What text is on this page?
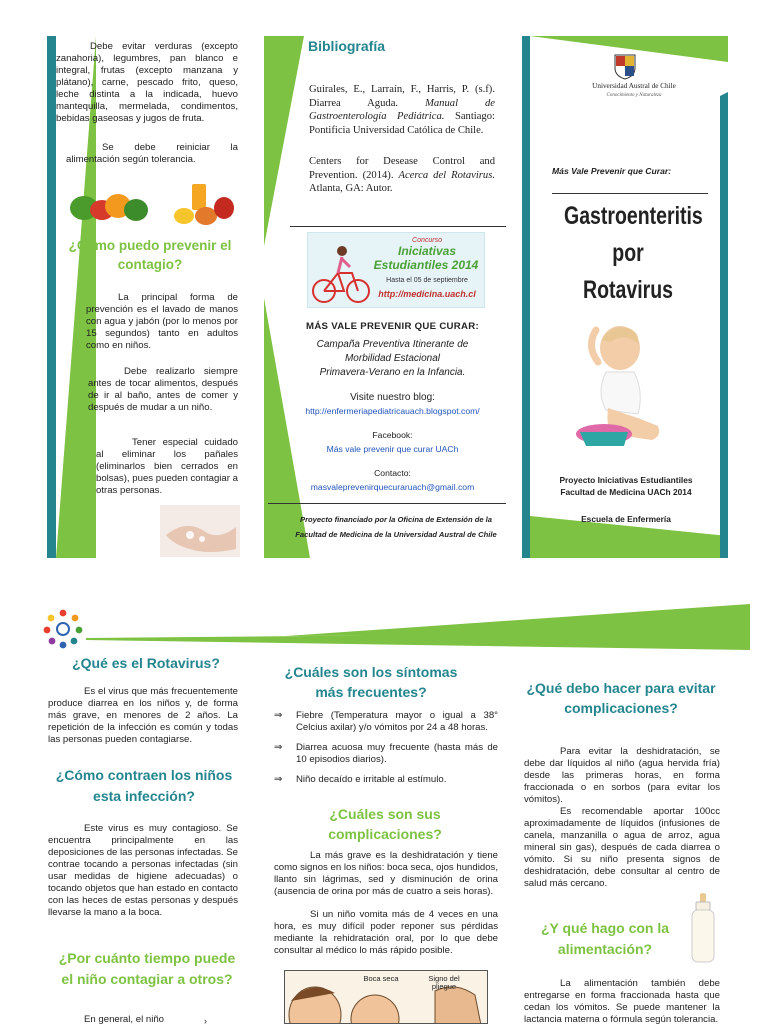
Debe evitar verduras (excepto zanahoria), legumbres, pan blanco e integral, frutas (excepto manzana y plátano), carne, pescado frito, queso, leche distinta a la indicada, huevo mantequilla, mermelada, condimentos, bebidas gaseosas y jugos de fruta.
Se debe reiniciar la alimentación según tolerancia.
¿Cómo puedo prevenir el contagio?
La principal forma de prevención es el lavado de manos con agua y jabón (por lo menos por 15 segundos) tanto en adultos como en niños.
Debe realizarlo siempre antes de tocar alimentos, después de ir al baño, antes de comer y después de mudar a un niño.
Tener especial cuidado al eliminar los pañales (eliminarlos bien cerrados en bolsas), pues pueden contagiar a otras personas.
Bibliografía
Guirales, E., Larraín, F., Harris, P. (s.f). Diarrea Aguda.	Manual de Gastroenterología Pediátrica. Santiago: Pontificia Universidad Católica de Chile.
Centers for Desease Control and Prevention. (2014). Acerca del Rotavirus. Atlanta, GA: Autor.
Concurso
Iniciativas
Estudiantiles 2014
Hasta el 05 de septiembre
http://medicina.uach.cl
MÁS VALE PREVENIR QUE CURAR:
Campaña Preventiva Itinerante de
Morbilidad Estacional
Primavera-Verano en la Infancia.
Visite nuestro blog:
http://enfermeriapediatricauach.blogspot.com/
Facebook:
Más vale prevenir que curar UACh
Contacto:
masvaleprevenirquecuraruach@gmail.com
Proyecto financiado por la Oficina de Extensión de la Facultad de Medicina de la Universidad Austral de Chile
Universidad Austral de Chile
Conocimiento y Naturaleza
Más Vale Prevenir que Curar:
Gastroenteritis
por
Rotavirus
Proyecto Iniciativas Estudiantiles
Facultad de Medicina UACh 2014
Escuela de Enfermería
¿Qué es el Rotavirus?
Es el virus que más frecuentemente produce diarrea en los niños y, de forma más grave, en menores de 2 años. La repetición de la infección es común y todas las personas pueden contagiarse.
¿Cómo contraen los niños esta infección?
Este virus es muy contagioso. Se encuentra principalmente en las deposiciones de las personas infectadas. Se contrae tocando a personas infectadas (sin usar medidas de higiene adecuadas) o tocando objetos que han estado en contacto con las heces de estas personas y después llevarse la mano a la boca.
¿Por cuánto tiempo puede el niño contagiar a otros?
En general, el niño	›
¿Cuáles son los síntomas más frecuentes?
⇒ Fiebre (Temperatura mayor o igual a 38° Celcius axilar) y/o vómitos por 24 a 48 horas.
⇒ Diarrea acuosa muy frecuente (hasta más de 10 episodios diarios).
⇒ Niño decaído e irritable al estímulo.
¿Cuáles son sus complicaciones?
La más grave es la deshidratación y tiene como signos en los niños: boca seca, ojos hundidos, llanto sin lágrimas, sed y disminución de orina (ausencia de orina por más de cuatro a seis horas).
Si un niño vomita más de 4 veces en una hora, es muy difícil poder reponer sus pérdidas mediante la rehidratación oral, por lo que debe consultar al médico lo más rápido posible.
Boca seca	Signo del pliegue
¿Qué debo hacer para evitar complicaciones?
Para evitar la deshidratación, se debe dar líquidos al niño (agua hervida fría) desde las primeras horas, en forma fraccionada o en sorbos (para evitar los vómitos).
Es recomendable aportar 100cc aproximadamente de líquidos (infusiones de canela, manzanilla o agua de arroz, agua mineral sin gas), después de cada diarrea o vómito. Si su niño presenta signos de deshidratación, debe consultar al centro de salud más cercano.
¿Y qué hago con la alimentación?
La alimentación también debe entregarse en forma fraccionada hasta que cedan los vómitos. Se puede mantener la lactancia materna o fórmula según tolerancia.
